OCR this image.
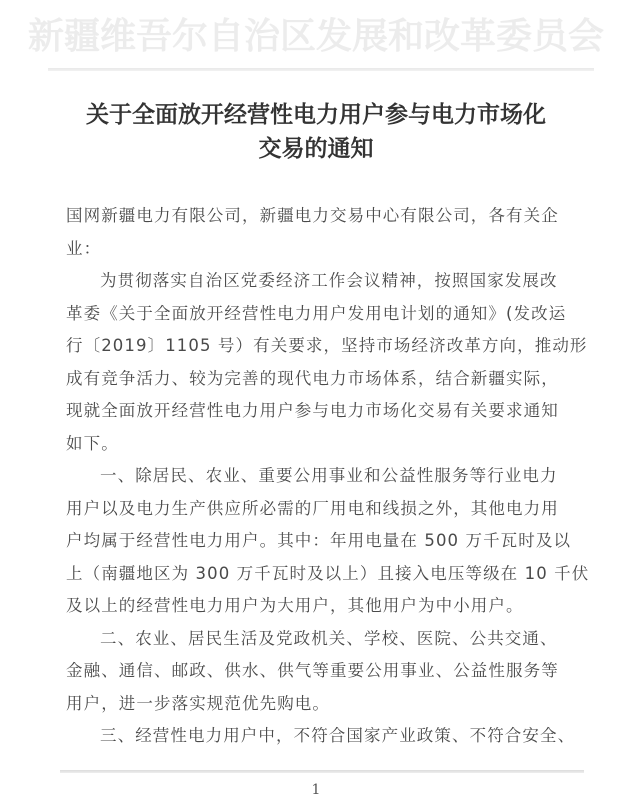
新疆维吾尔自治区发展和改革委员会
关于全面放开经营性电力用户参与电力市场化
交易的通知
国网新疆电力有限公司，新疆电力交易中心有限公司，各有关企
业：
为贯彻落实自治区党委经济工作会议精神，按照国家发展改
革委《关于全面放开经营性电力用户发用电计划的通知》(发改运
行〔2019〕1105 号）有关要求，坚持市场经济改革方向，推动形
成有竞争活力、较为完善的现代电力市场体系，结合新疆实际，
现就全面放开经营性电力用户参与电力市场化交易有关要求通知
如下。
一、除居民、农业、重要公用事业和公益性服务等行业电力
用户以及电力生产供应所必需的厂用电和线损之外，其他电力用
户均属于经营性电力用户。其中：年用电量在 500 万千瓦时及以
上（南疆地区为 300 万千瓦时及以上）且接入电压等级在 10 千伏
及以上的经营性电力用户为大用户，其他用户为中小用户。
二、农业、居民生活及党政机关、学校、医院、公共交通、
金融、通信、邮政、供水、供气等重要公用事业、公益性服务等
用户，进一步落实规范优先购电。
三、经营性电力用户中，不符合国家产业政策、不符合安全、
1
